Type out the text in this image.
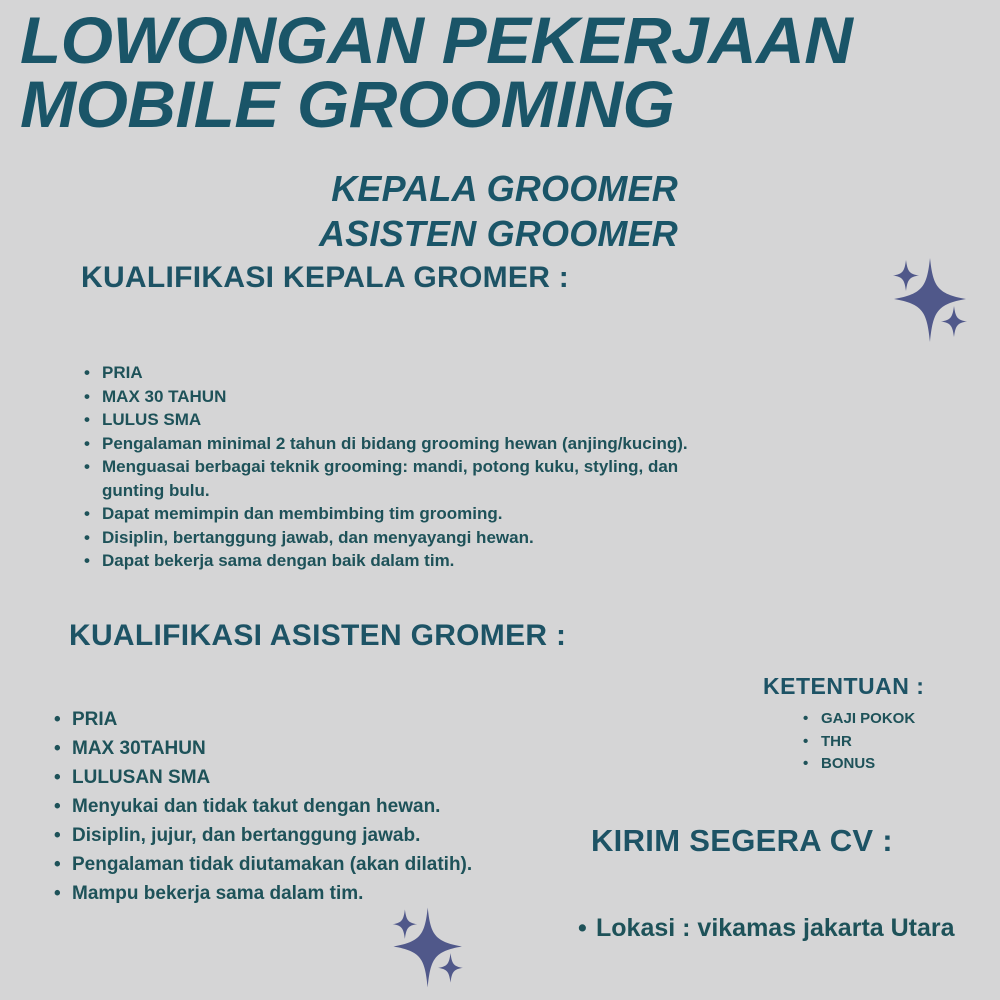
LOWONGAN PEKERJAAN
MOBILE GROOMING
KEPALA GROOMER
ASISTEN GROOMER
KUALIFIKASI KEPALA GROMER :
• PRIA
• MAX 30 TAHUN
• LULUS SMA
• Pengalaman minimal 2 tahun di bidang grooming hewan (anjing/kucing).
• Menguasai berbagai teknik grooming: mandi, potong kuku, styling, dan gunting bulu.
• Dapat memimpin dan membimbing tim grooming.
• Disiplin, bertanggung jawab, dan menyayangi hewan.
• Dapat bekerja sama dengan baik dalam tim.
KUALIFIKASI ASISTEN GROMER :
• PRIA
• MAX 30TAHUN
• LULUSAN SMA
• Menyukai dan tidak takut dengan hewan.
• Disiplin, jujur, dan bertanggung jawab.
• Pengalaman tidak diutamakan (akan dilatih).
• Mampu bekerja sama dalam tim.
KETENTUAN :
• GAJI POKOK
• THR
• BONUS
KIRIM SEGERA CV :
• Lokasi : vikamas jakarta Utara
